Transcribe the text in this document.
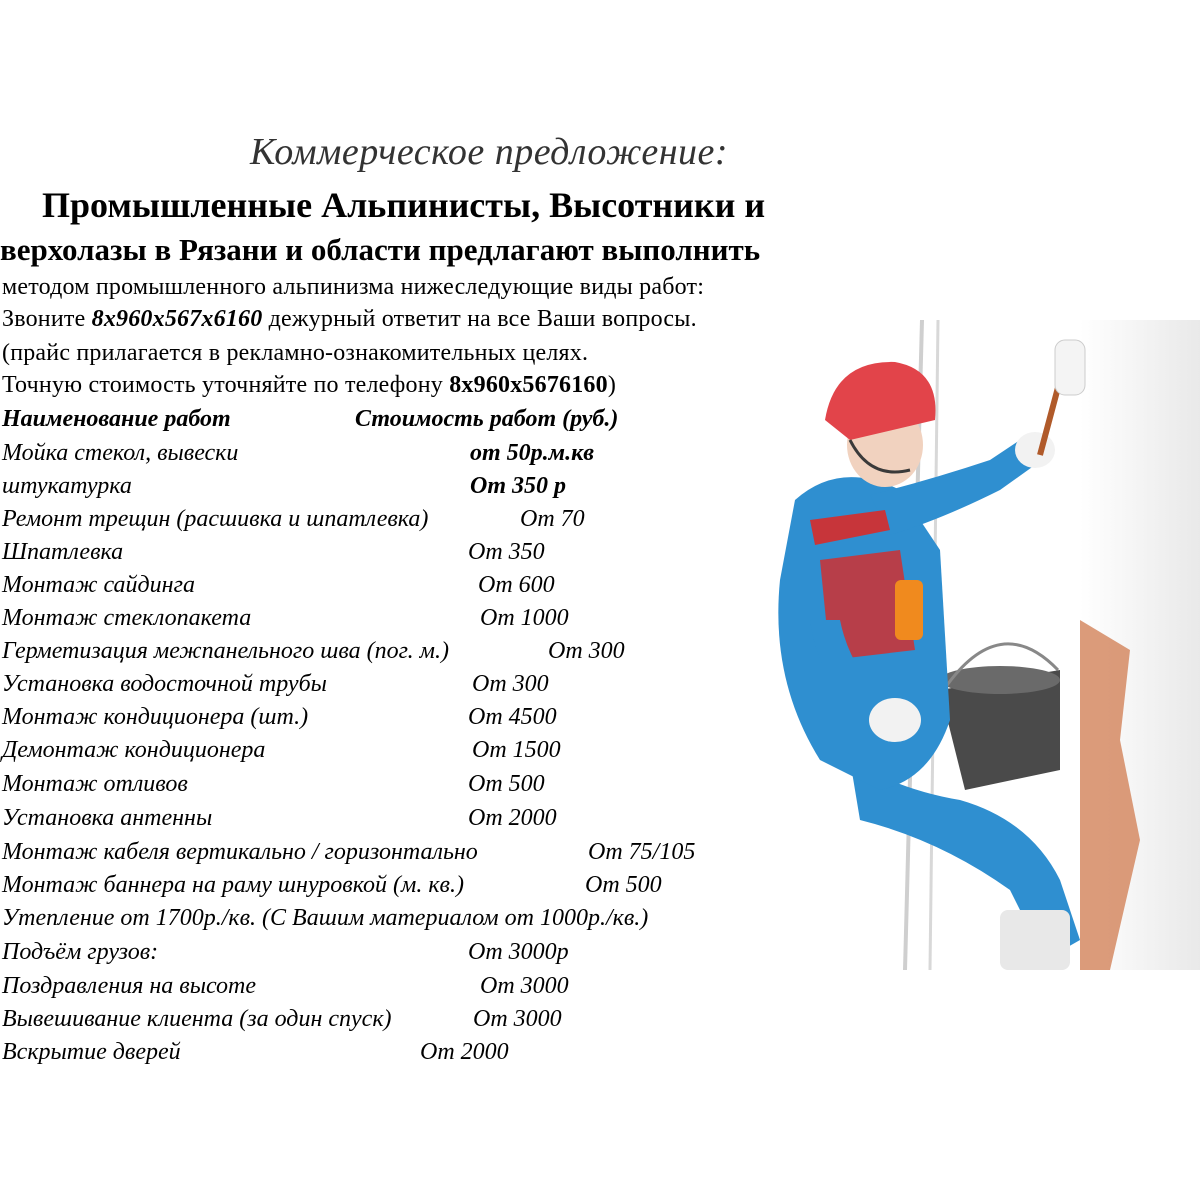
Коммерческое предложение:
Промышленные Альпинисты, Высотники и
верхолазы в Рязани и области предлагают выполнить
методом промышленного альпинизма нижеследующие виды работ:
Звоните 8х960х567х6160 дежурный ответит на все Ваши вопросы.
(прайс прилагается в рекламно-ознакомительных целях.
Точную стоимость уточняйте по телефону 8х960х5676160)
Наименование работ	Стоимость работ (руб.)
Мойка стекол, вывески	от 50р.м.кв
штукатурка	От 350 р
Ремонт трещин (расшивка и шпатлевка)	От 70
Шпатлевка	От 350
Монтаж сайдинга	От 600
Монтаж стеклопакета	От 1000
Герметизация межпанельного шва (пог. м.)	От 300
Установка водосточной трубы	От 300
Монтаж кондиционера (шт.)	От 4500
Демонтаж кондиционера	От 1500
Монтаж отливов	От 500
Установка антенны	От 2000
Монтаж кабеля вертикально / горизонтально	От 75/105
Монтаж баннера на раму шнуровкой (м. кв.)	От 500
Утепление от 1700р./кв. (С Вашим материалом от 1000р./кв.)
Подъём грузов:	От 3000р
Поздравления на высоте	От 3000
Вывешивание клиента (за один спуск)	От 3000
Вскрытие дверей	От 2000
